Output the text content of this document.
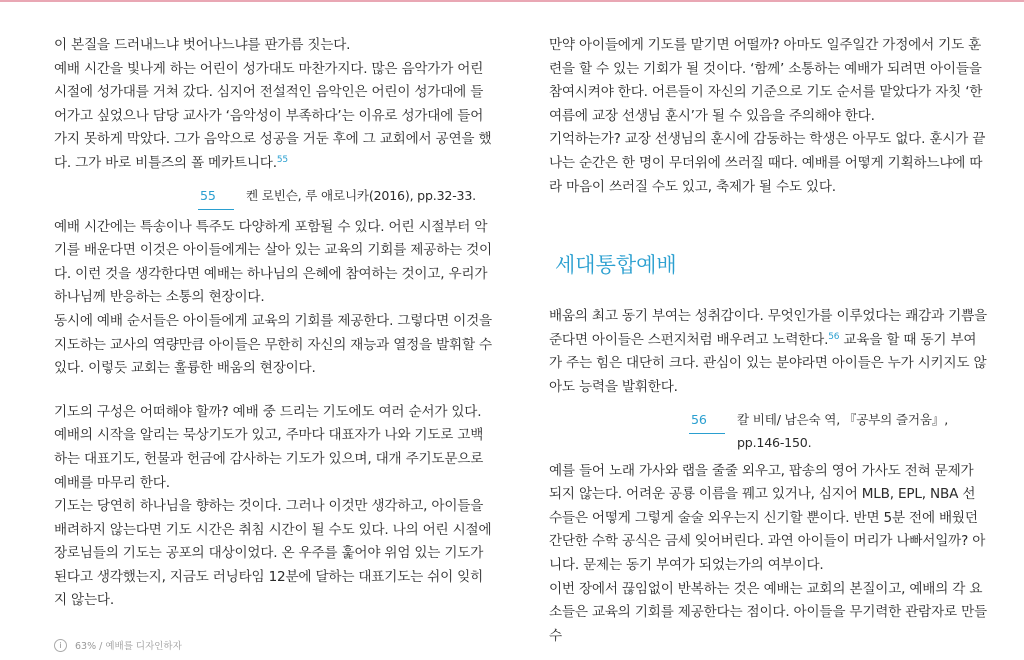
이 본질을 드러내느냐 벗어나느냐를 판가름 짓는다.

예배 시간을 빛나게 하는 어린이 성가대도 마찬가지다. 많은 음악가가 어린 시절에 성가대를 거쳐 갔다. 심지어 전설적인 음악인은 어린이 성가대에 들어가고 싶었으나 담당 교사가 ‘음악성이 부족하다’는 이유로 성가대에 들어가지 못하게 막았다. 그가 음악으로 성공을 거둔 후에 그 교회에서 공연을 했다. 그가 바로 비틀즈의 폴 메카트니다.$^{55}$

55	켄 로빈슨, 루 애로니카(2016), pp.32-33.

예배 시간에는 특송이나 특주도 다양하게 포함될 수 있다. 어린 시절부터 악기를 배운다면 이것은 아이들에게는 살아 있는 교육의 기회를 제공하는 것이다. 이런 것을 생각한다면 예배는 하나님의 은혜에 참여하는 것이고, 우리가 하나님께 반응하는 소통의 현장이다.

동시에 예배 순서들은 아이들에게 교육의 기회를 제공한다. 그렇다면 이것을 지도하는 교사의 역량만큼 아이들은 무한히 자신의 재능과 열정을 발휘할 수 있다. 이렇듯 교회는 훌륭한 배움의 현장이다.

기도의 구성은 어떠해야 할까? 예배 중 드리는 기도에도 여러 순서가 있다. 예배의 시작을 알리는 묵상기도가 있고, 주마다 대표자가 나와 기도로 고백하는 대표기도, 헌물과 헌금에 감사하는 기도가 있으며, 대개 주기도문으로 예배를 마무리 한다.

기도는 당연히 하나님을 향하는 것이다. 그러나 이것만 생각하고, 아이들을 배려하지 않는다면 기도 시간은 취침 시간이 될 수도 있다. 나의 어린 시절에 장로님들의 기도는 공포의 대상이었다. 온 우주를 훑어야 위엄 있는 기도가 된다고 생각했는지, 지금도 러닝타임 12분에 달하는 대표기도는 쉬이 잊히지 않는다.

만약 아이들에게 기도를 맡기면 어떨까? 아마도 일주일간 가정에서 기도 훈련을 할 수 있는 기회가 될 것이다. ‘함께’ 소통하는 예배가 되려면 아이들을 참여시켜야 한다. 어른들이 자신의 기준으로 기도 순서를 맡았다가 자칫 ‘한 여름에 교장 선생님 훈시’가 될 수 있음을 주의해야 한다.

기억하는가? 교장 선생님의 훈시에 감동하는 학생은 아무도 없다. 훈시가 끝나는 순간은 한 명이 무더위에 쓰러질 때다. 예배를 어떻게 기획하느냐에 따라 마음이 쓰러질 수도 있고, 축제가 될 수도 있다.

세대통합예배

배움의 최고 동기 부여는 성취감이다. 무엇인가를 이루었다는 쾌감과 기쁨을 준다면 아이들은 스펀지처럼 배우려고 노력한다.$^{56}$ 교육을 할 때 동기 부여가 주는 힘은 대단히 크다. 관심이 있는 분야라면 아이들은 누가 시키지도 않아도 능력을 발휘한다.

56	칼 비테/ 남은숙 역, 『공부의 즐거움』, pp.146-150.

예를 들어 노래 가사와 랩을 줄줄 외우고, 팝송의 영어 가사도 전혀 문제가 되지 않는다. 어려운 공룡 이름을 꿰고 있거나, 심지어 MLB, EPL, NBA 선수들은 어떻게 그렇게 술술 외우는지 신기할 뿐이다. 반면 5분 전에 배웠던 간단한 수학 공식은 금세 잊어버린다. 과연 아이들이 머리가 나빠서일까? 아니다. 문제는 동기 부여가 되었는가의 여부이다.

이번 장에서 끊임없이 반복하는 것은 예배는 교회의 본질이고, 예배의 각 요소들은 교육의 기회를 제공한다는 점이다. 아이들을 무기력한 관람자로 만들 수

i	63% / 예배를 디자인하자
